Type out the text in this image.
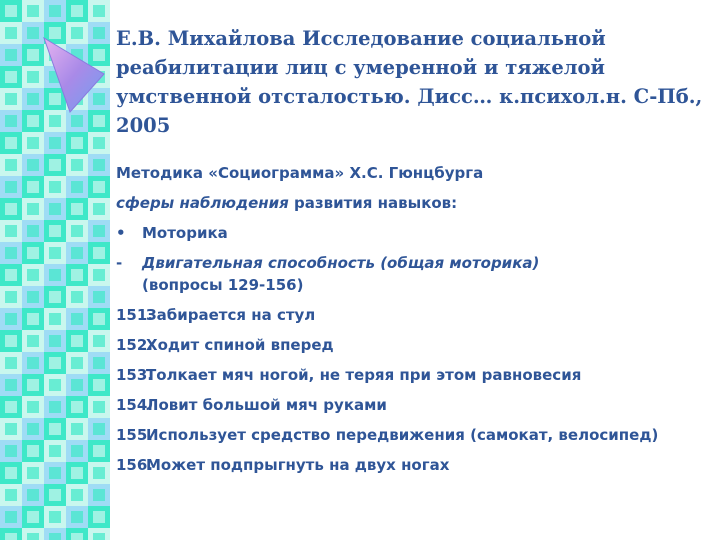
Е.В. Михайлова Исследование социальной реабилитации лиц с умеренной и тяжелой умственной отсталостью. Дисс… к.психол.н. С-Пб., 2005
Методика «Социограмма» Х.С. Гюнцбурга
сферы наблюдения развития навыков:
• Моторика
- Двигательная способность (общая моторика)
(вопросы 129-156)
151.
Забирается на стул
152.
Ходит спиной вперед
153.
Толкает мяч ногой, не теряя при этом равновесия
154.
Ловит большой мяч руками
155.
Использует средство передвижения (самокат, велосипед)
156.
Может подпрыгнуть на двух ногах
